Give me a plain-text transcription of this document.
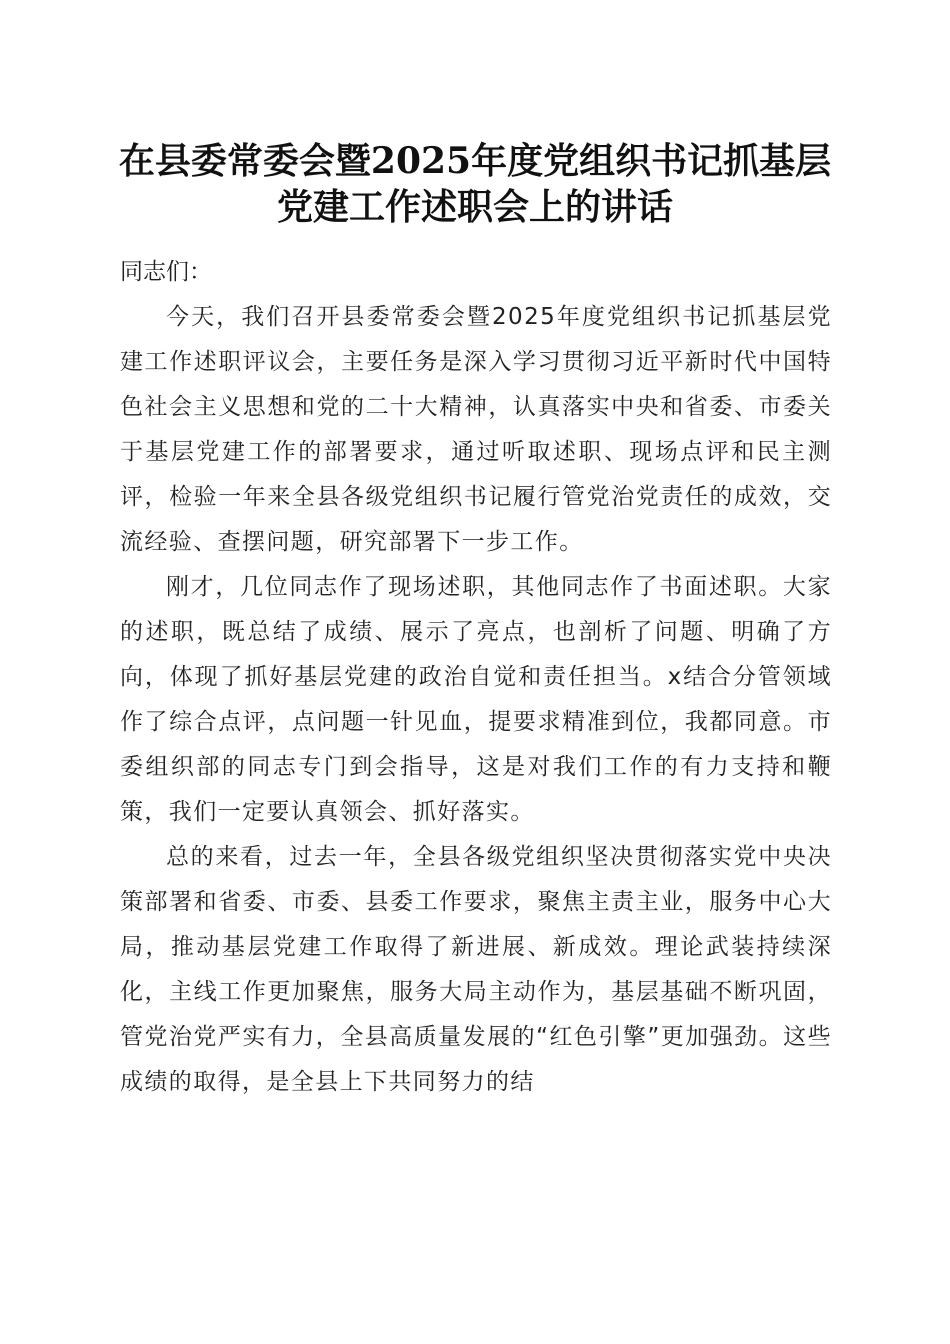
在县委常委会暨2025年度党组织书记抓基层
党建工作述职会上的讲话

同志们：

今天，我们召开县委常委会暨2025年度党组织书记抓基层党建工作述职评议会，主要任务是深入学习贯彻习近平新时代中国特色社会主义思想和党的二十大精神，认真落实中央和省委、市委关于基层党建工作的部署要求，通过听取述职、现场点评和民主测评，检验一年来全县各级党组织书记履行管党治党责任的成效，交流经验、查摆问题，研究部署下一步工作。

刚才，几位同志作了现场述职，其他同志作了书面述职。大家的述职，既总结了成绩、展示了亮点，也剖析了问题、明确了方向，体现了抓好基层党建的政治自觉和责任担当。x结合分管领域作了综合点评，点问题一针见血，提要求精准到位，我都同意。市委组织部的同志专门到会指导，这是对我们工作的有力支持和鞭策，我们一定要认真领会、抓好落实。

总的来看，过去一年，全县各级党组织坚决贯彻落实党中央决策部署和省委、市委、县委工作要求，聚焦主责主业，服务中心大局，推动基层党建工作取得了新进展、新成效。理论武装持续深化，主线工作更加聚焦，服务大局主动作为，基层基础不断巩固，管党治党严实有力，全县高质量发展的“红色引擎”更加强劲。这些成绩的取得，是全县上下共同努力的结
